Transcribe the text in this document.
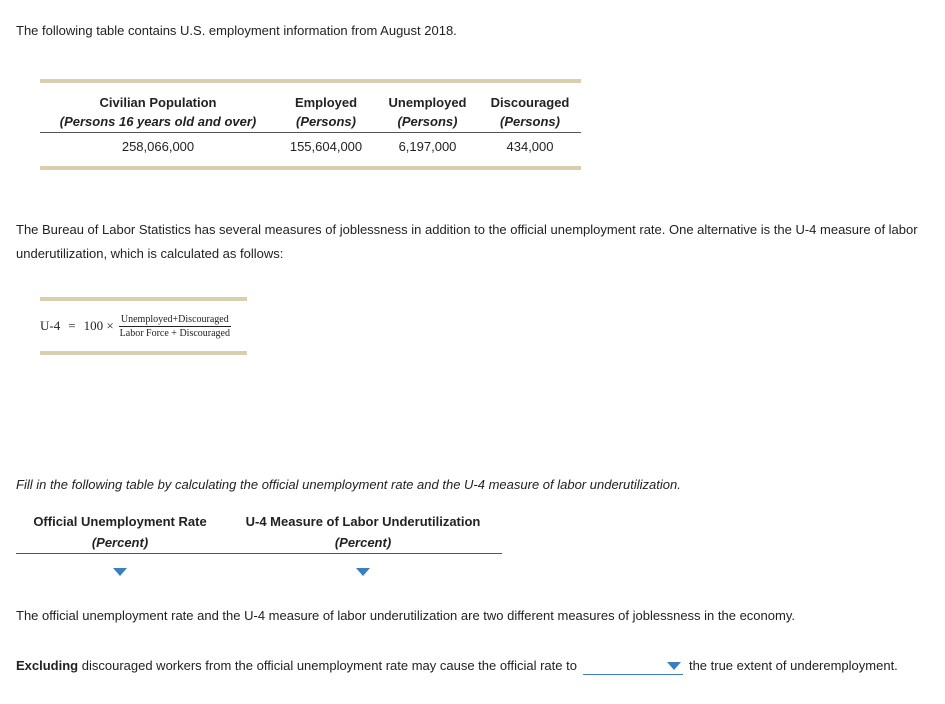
The following table contains U.S. employment information from August 2018.

Civilian Population	Employed	Unemployed	Discouraged
(Persons 16 years old and over)	(Persons)	(Persons)	(Persons)
258,066,000	155,604,000	6,197,000	434,000

The Bureau of Labor Statistics has several measures of joblessness in addition to the official unemployment rate. One alternative is the U-4 measure of labor underutilization, which is calculated as follows:

$U-4 = 100 \times \frac{\text{Unemployed+Discouraged}}{\text{Labor Force + Discouraged}}$

Fill in the following table by calculating the official unemployment rate and the U-4 measure of labor underutilization.

Official Unemployment Rate	U-4 Measure of Labor Underutilization
(Percent)	(Percent)

The official unemployment rate and the U-4 measure of labor underutilization are two different measures of joblessness in the economy.

Excluding discouraged workers from the official unemployment rate may cause the official rate to	the true extent of underemployment.
